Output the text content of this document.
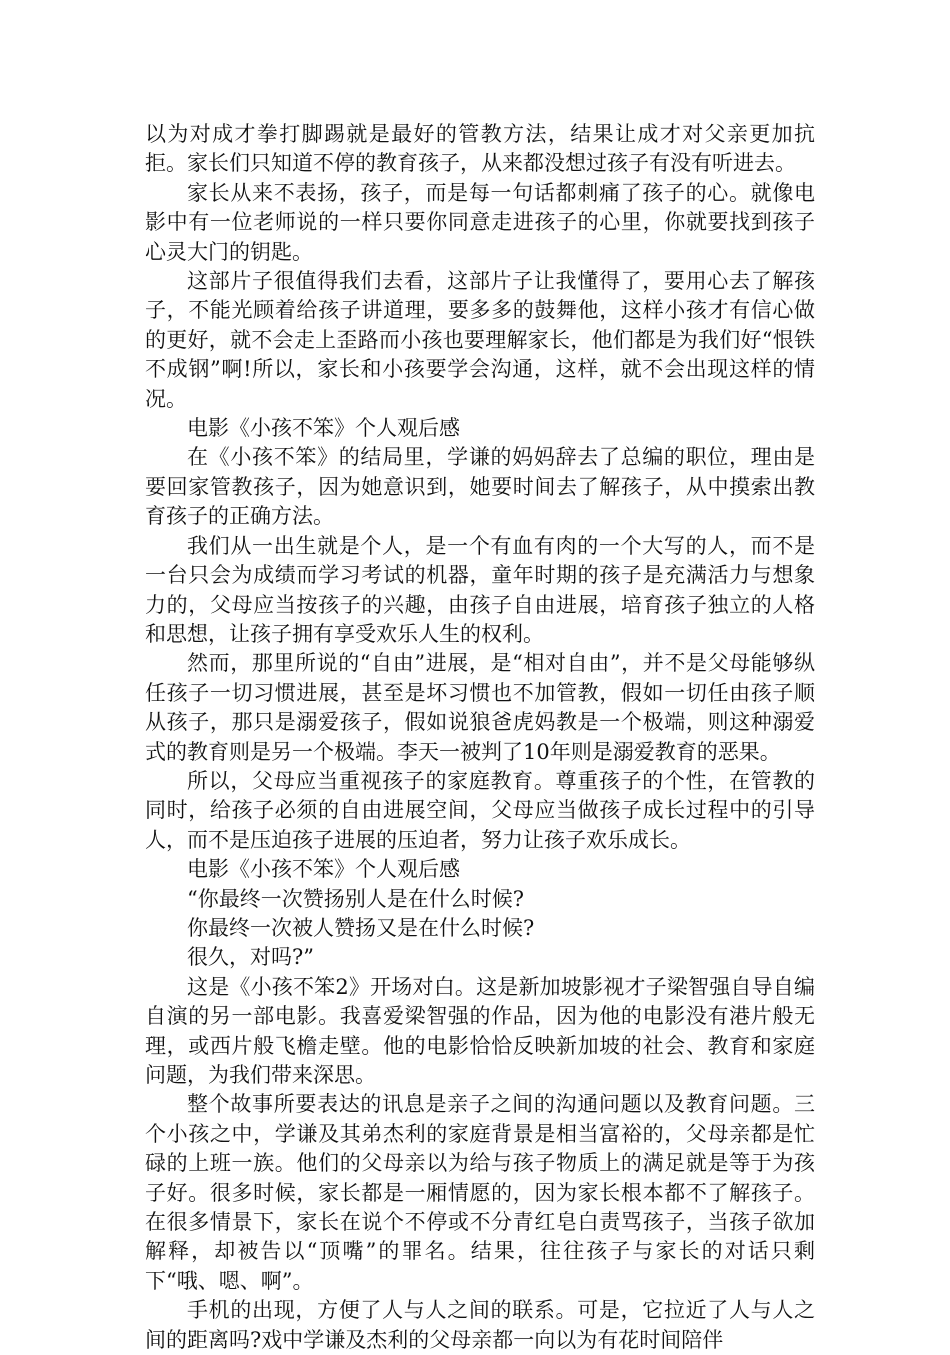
以为对成才拳打脚踢就是最好的管教方法，结果让成才对父亲更加抗拒。家长们只知道不停的教育孩子，从来都没想过孩子有没有听进去。

家长从来不表扬，孩子，而是每一句话都刺痛了孩子的心。就像电影中有一位老师说的一样只要你同意走进孩子的心里，你就要找到孩子心灵大门的钥匙。

这部片子很值得我们去看，这部片子让我懂得了，要用心去了解孩子，不能光顾着给孩子讲道理，要多多的鼓舞他，这样小孩才有信心做的更好，就不会走上歪路而小孩也要理解家长，他们都是为我们好“恨铁不成钢”啊!所以，家长和小孩要学会沟通，这样，就不会出现这样的情况。

电影《小孩不笨》个人观后感

在《小孩不笨》的结局里，学谦的妈妈辞去了总编的职位，理由是要回家管教孩子，因为她意识到，她要时间去了解孩子，从中摸索出教育孩子的正确方法。

我们从一出生就是个人，是一个有血有肉的一个大写的人，而不是一台只会为成绩而学习考试的机器，童年时期的孩子是充满活力与想象力的，父母应当按孩子的兴趣，由孩子自由进展，培育孩子独立的人格和思想，让孩子拥有享受欢乐人生的权利。

然而，那里所说的“自由”进展，是“相对自由”，并不是父母能够纵任孩子一切习惯进展，甚至是坏习惯也不加管教，假如一切任由孩子顺从孩子，那只是溺爱孩子，假如说狼爸虎妈教是一个极端，则这种溺爱式的教育则是另一个极端。李天一被判了10年则是溺爱教育的恶果。

所以，父母应当重视孩子的家庭教育。尊重孩子的个性，在管教的同时，给孩子必须的自由进展空间，父母应当做孩子成长过程中的引导人，而不是压迫孩子进展的压迫者，努力让孩子欢乐成长。

电影《小孩不笨》个人观后感

“你最终一次赞扬别人是在什么时候?

你最终一次被人赞扬又是在什么时候?

很久，对吗?”

这是《小孩不笨2》开场对白。这是新加坡影视才子梁智强自导自编自演的另一部电影。我喜爱梁智强的作品，因为他的电影没有港片般无理，或西片般飞檐走壁。他的电影恰恰反映新加坡的社会、教育和家庭问题，为我们带来深思。

整个故事所要表达的讯息是亲子之间的沟通问题以及教育问题。三个小孩之中，学谦及其弟杰利的家庭背景是相当富裕的，父母亲都是忙碌的上班一族。他们的父母亲以为给与孩子物质上的满足就是等于为孩子好。很多时候，家长都是一厢情愿的，因为家长根本都不了解孩子。在很多情景下，家长在说个不停或不分青红皂白责骂孩子，当孩子欲加解释，却被告以“顶嘴”的罪名。结果，往往孩子与家长的对话只剩下“哦、嗯、啊”。

手机的出现，方便了人与人之间的联系。可是，它拉近了人与人之间的距离吗?戏中学谦及杰利的父母亲都一向以为有花时间陪伴
